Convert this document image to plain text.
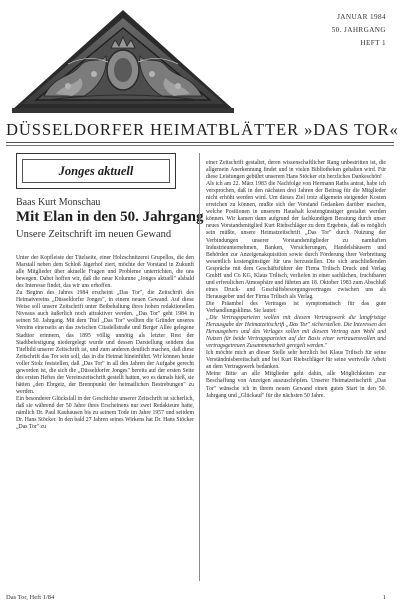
JANUAR 1984
50. JAHRGANG
HEFT 1
DÜSSELDORFER HEIMATBLÄTTER »DAS TOR«
Jonges aktuell
Baas Kurt Monschau
Mit Elan in den 50. Jahrgang
Unsere Zeitschrift im neuen Gewand

Unter der Kopfleiste der Titelseite, einer Holzschnitzerei Grupellos, die den Marstall neben dem Schloß Jägerhof ziert, möchte der Vorstand in Zukunft alle Mitglieder über aktuelle Fragen und Probleme unterrichten, die uns bewegen. Dabei hoffen wir, daß die neue Kolumne „Jonges aktuell" alsbald des Interesse findet, das wir uns erhoffen.

Zu Beginn des Jahres 1984 erscheint „Das Tor", die Zeitschrift des Heimatvereins „Düsseldorfer Jonges", in einem neuen Gewand. Auf diese Weise soll unsere Zeitschrift unter Beibehaltung ihres hohen redaktionellen Niveaus auch äußerlich noch attraktiver werden. „Das Tor" geht 1984 in seinen 50. Jahrgang. Mit dem Titel „Das Tor" wollten die Gründer unseres Vereins einerseits an das zwischen Citadellstraße und Berger Allee gelegene Stadttor erinnern, das 1895 völlig unnötig als letzter Rest der Stadtbefestigung niedergelegt wurde und dessen Darstellung seitdem das Titelbild unserer Zeitschrift ist, und zum anderen deutlich machen, daß diese Zeitschrift das Tor sein soll, das in die Heimat hineinführt. Wir können heute voller Stolz feststellen, daß „Das Tor" in all den Jahren der Aufgabe gerecht geworden ist, die sich die „Düsseldorfer Jonges" bereits auf der ersten Seite des ersten Heftes der Vereinszeitschrift gestellt hatten, wo es damals hieß, sie hätten „den Ehrgeiz, der Brennpunkt der heimatlichen Bestrebungen" zu werden.

Ein besonderer Glücksfall in der Geschichte unserer Zeitschrift ist sicherlich, daß sie während der 50 Jahre ihres Erscheinens nur zwei Redakteure hatte, nämlich Dr. Paul Kauhausen bis zu seinem Tode im Jahre 1957 und seitdem Dr. Hans Stöcker. In den bald 27 Jahren seines Wirkens hat Dr. Hans Stöcker „Das Tor" zu

einer Zeitschrift gestaltet, deren wissenschaftlicher Rang unbestritten ist, die allgemein Anerkennung findet und in vielen Bibliotheken gehalten wird. Für diese Leistungen gebührt unserem Hans Stöcker ein herzliches Dankeschön!

Als ich am 22. März 1983 die Nachfolge von Hermann Raths antrat, habe ich versprochen, daß in den nächsten drei Jahren der Beitrag für die Mitglieder nicht erhöht werden wird. Um dieses Ziel trotz allgemein steigender Kosten erreichen zu können, mußte sich der Vorstand Gedanken darüber machen, welche Positionen in unserem Haushalt kostengünstiger gestaltet werden können. Wir kamen dann aufgrund der fachkundigen Beratung durch unser neues Vorstandsmitglied Kurt Riebschläger zu dem Ergebnis, daß es möglich sein müßte, unsere Heimatzeitschrift „Das Tor" durch Nutzung der Verbindungen unserer Vorstandsmitglieder zu namhaften Industrieunternehmen, Banken, Versicherungen, Handelshäusern und Behörden zur Anzeigenakquisition sowie durch Förderung ihrer Verbreitung wesentlich kostengünstiger für uns herzustellen. Die sich anschließenden Gespräche mit dem Geschäftsführer der Firma Triltsch Druck und Verlag GmbH und Co KG, Klaus Triltsch, verliefen in einer sachlichen, fruchtbaren und erfreulichen Atmosphäre und führten am 18. Oktober 1983 zum Abschluß eines Druck- und Geschäftsbesorgungsvertrages zwischen uns als Herausgeber und der Firma Triltsch als Verlag.

Die Präambel des Vertrages ist symptomatisch für das gute Verhandlungsklima. Sie lautet:

„Die Vertragsparteien wollen mit diesem Vertragswerk die langfristige Herausgabe der Heimatzeitschrift „Das Tor" sicherstellen. Die Interessen des Herausgebers und des Verlages sollen mit diesem Vertrag zum Wohl und Nutzen für beide Vertragsparteien auf der Basis einer vertrauensvollen und vertragsgetreuen Zusammenarbeit geregelt werden."

Ich möchte mich an dieser Stelle sehr herzlich bei Klaus Triltsch für seine Verständnisbereitschaft und bei Kurt Riebschläger für seine wertvolle Arbeit an dem Vertragswerk bedanken.

Meine Bitte an alle Mitglieder geht dahin, alle Möglichkeiten zur Beschaffung von Anzeigen auszuschöpfen. Unserer Heimatzeitschrift „Das Tor" wünsche ich in ihrem neuen Gewand einen guten Start in den 50. Jahrgang und „Glückauf" für die nächsten 50 Jahre.

Das Tor, Heft 1/84	1
